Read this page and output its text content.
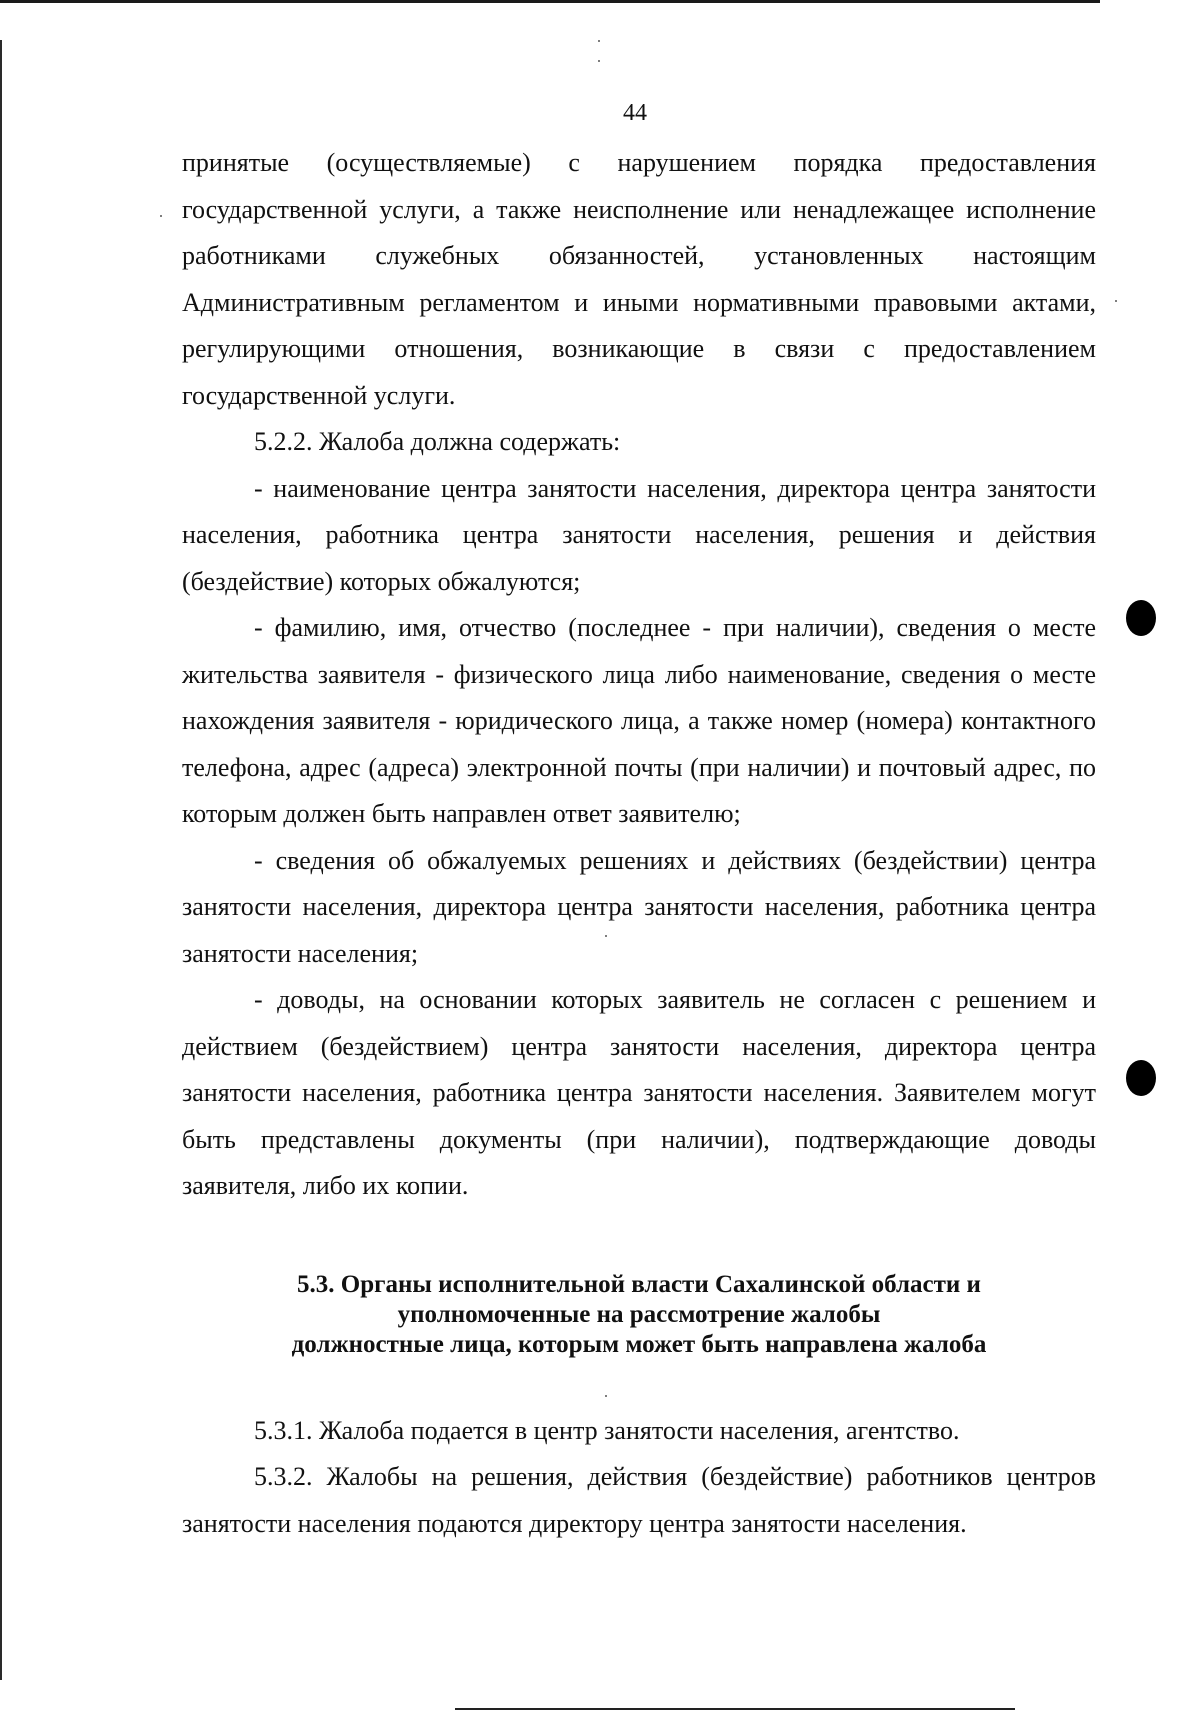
44

принятые (осуществляемые) с нарушением порядка предоставления государственной услуги, а также неисполнение или ненадлежащее исполнение работниками служебных обязанностей, установленных настоящим Административным регламентом и иными нормативными правовыми актами, регулирующими отношения, возникающие в связи с предоставлением государственной услуги.

5.2.2. Жалоба должна содержать:

- наименование центра занятости населения, директора центра занятости населения, работника центра занятости населения, решения и действия (бездействие) которых обжалуются;

- фамилию, имя, отчество (последнее - при наличии), сведения о месте жительства заявителя - физического лица либо наименование, сведения о месте нахождения заявителя - юридического лица, а также номер (номера) контактного телефона, адрес (адреса) электронной почты (при наличии) и почтовый адрес, по которым должен быть направлен ответ заявителю;

- сведения об обжалуемых решениях и действиях (бездействии) центра занятости населения, директора центра занятости населения, работника центра занятости населения;

- доводы, на основании которых заявитель не согласен с решением и действием (бездействием) центра занятости населения, директора центра занятости населения, работника центра занятости населения. Заявителем могут быть представлены документы (при наличии), подтверждающие доводы заявителя, либо их копии.

5.3. Органы исполнительной власти Сахалинской области и
уполномоченные на рассмотрение жалобы
должностные лица, которым может быть направлена жалоба

5.3.1. Жалоба подается в центр занятости населения, агентство.

5.3.2. Жалобы на решения, действия (бездействие) работников центров занятости населения подаются директору центра занятости населения.
